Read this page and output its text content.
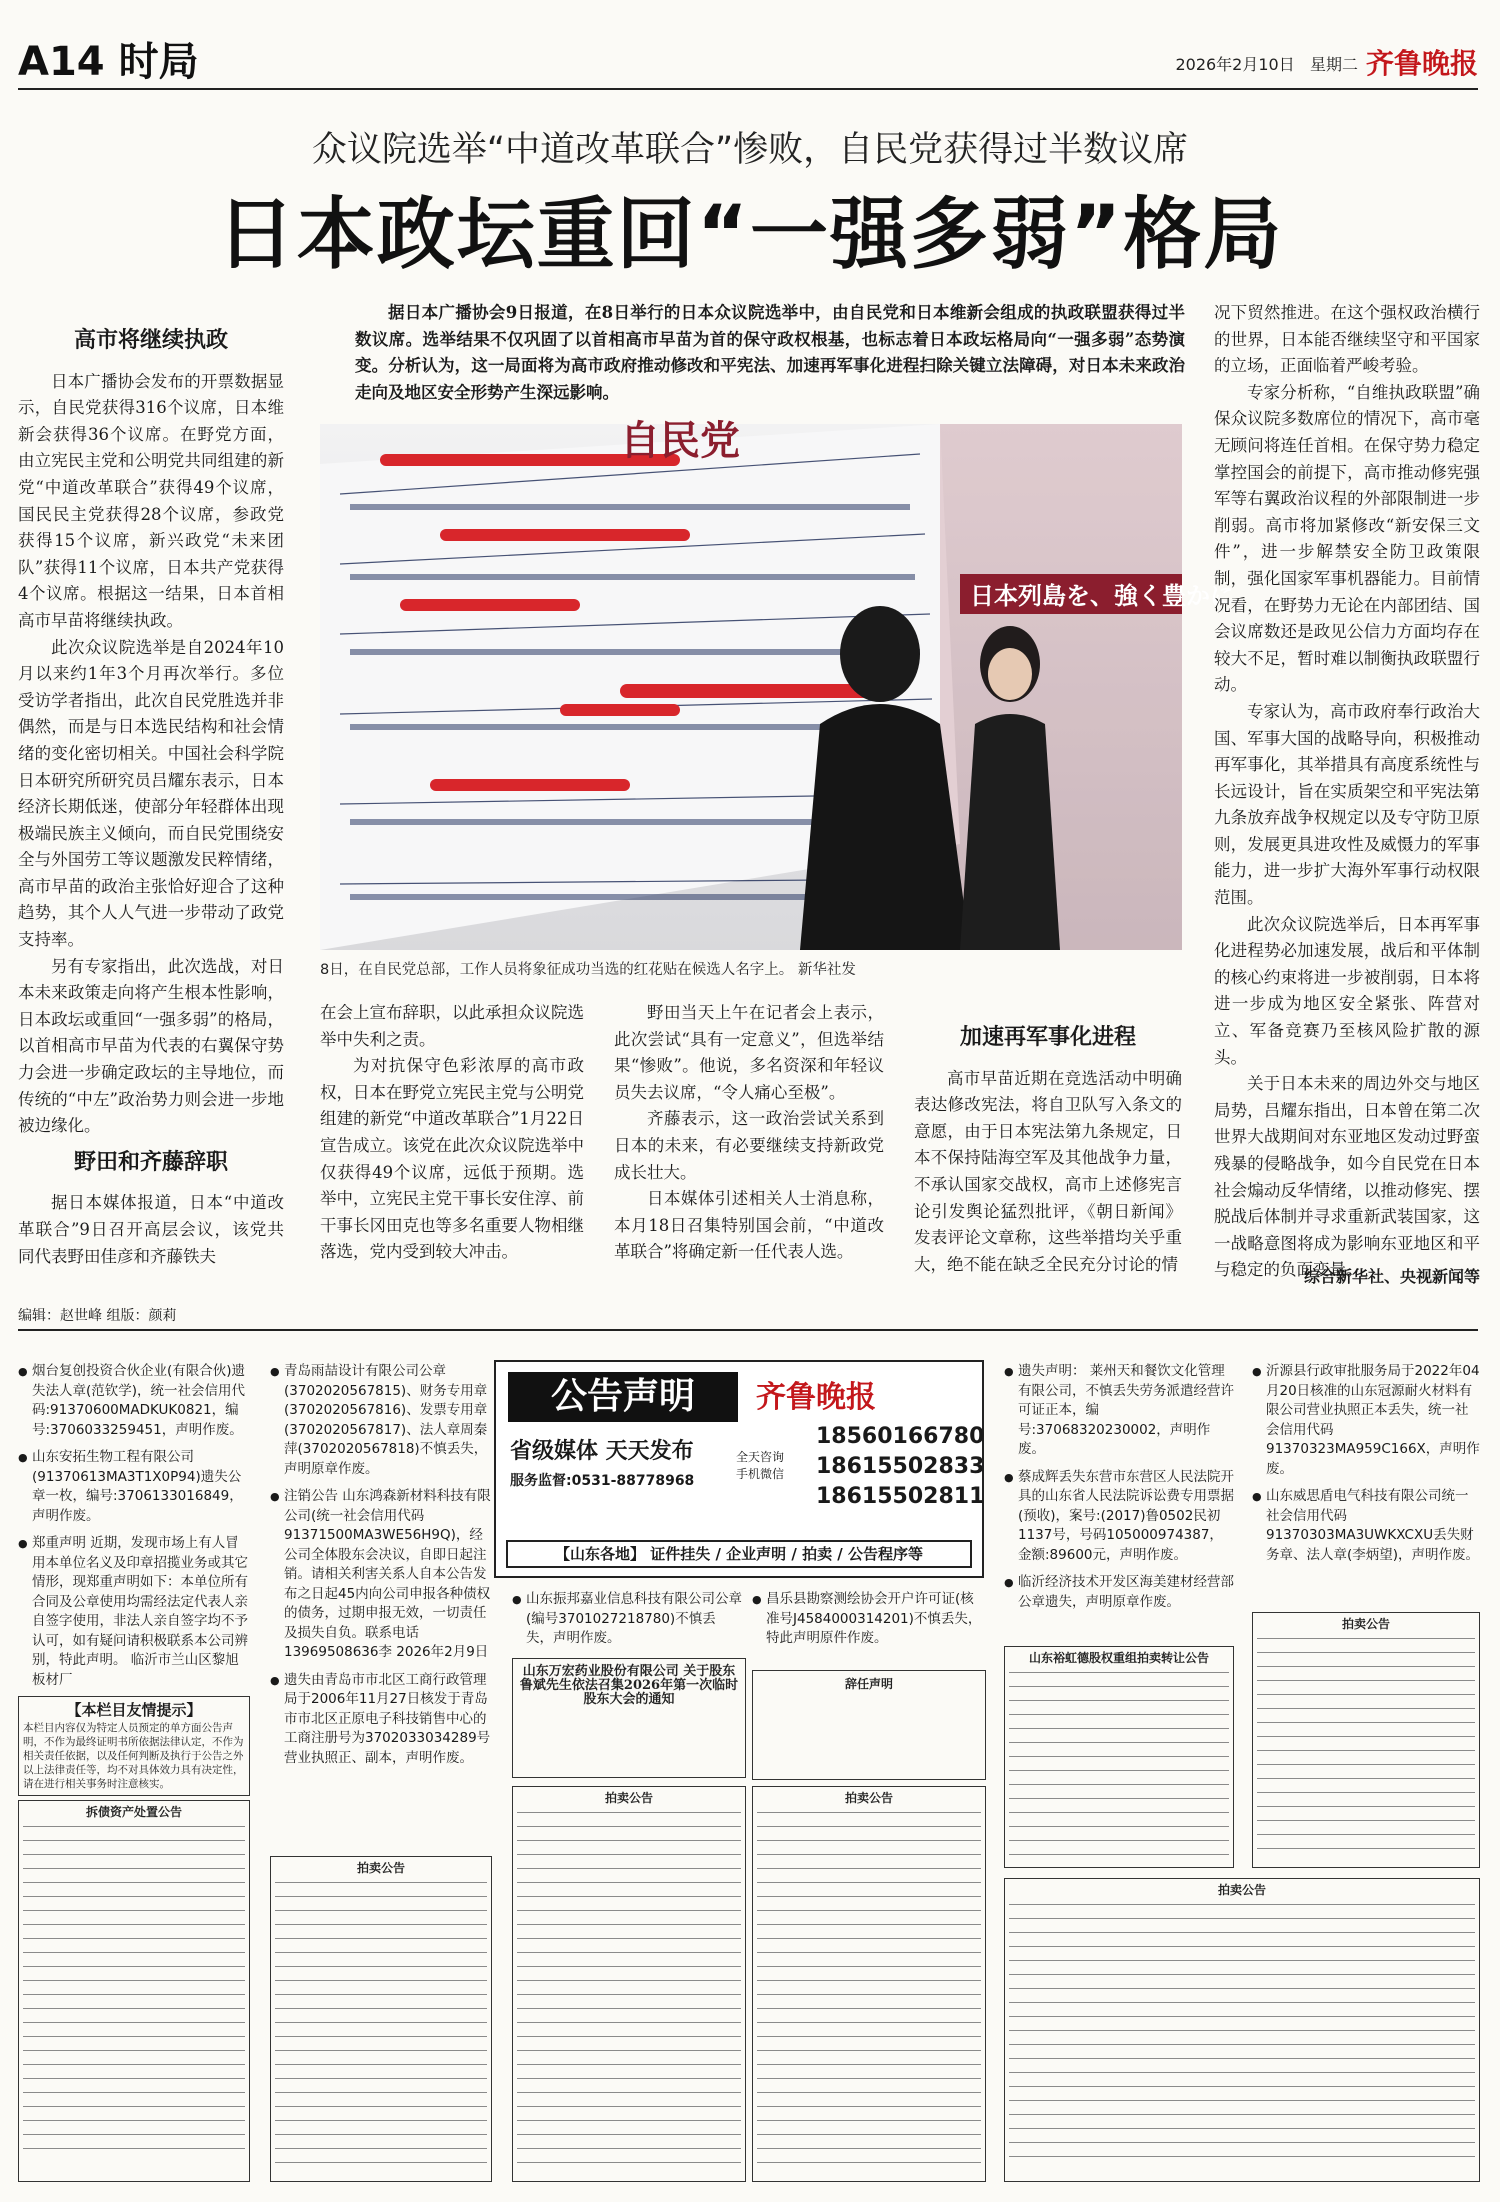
A14 时局	2026年2月10日 星期二 齐鲁晚报
众议院选举“中道改革联合”惨败，自民党获得过半数议席
日本政坛重回“一强多弱”格局
高市将继续执政

日本广播协会发布的开票数据显示，自民党获得316个议席，日本维新会获得36个议席。在野党方面，由立宪民主党和公明党共同组建的新党“中道改革联合”获得49个议席，国民民主党获得28个议席，参政党获得15个议席，新兴政党“未来团队”获得11个议席，日本共产党获得4个议席。根据这一结果，日本首相高市早苗将继续执政。

此次众议院选举是自2024年10月以来约1年3个月再次举行。多位受访学者指出，此次自民党胜选并非偶然，而是与日本选民结构和社会情绪的变化密切相关。中国社会科学院日本研究所研究员吕耀东表示，日本经济长期低迷，使部分年轻群体出现极端民族主义倾向，而自民党围绕安全与外国劳工等议题激发民粹情绪，高市早苗的政治主张恰好迎合了这种趋势，其个人人气进一步带动了政党支持率。

另有专家指出，此次选战，对日本未来政策走向将产生根本性影响，日本政坛或重回“一强多弱”的格局，以首相高市早苗为代表的右翼保守势力会进一步确定政坛的主导地位，而传统的“中左”政治势力则会进一步地被边缘化。

野田和齐藤辞职

据日本媒体报道，日本“中道改革联合”9日召开高层会议，该党共同代表野田佳彦和齐藤铁夫

据日本广播协会9日报道，在8日举行的日本众议院选举中，由自民党和日本维新会组成的执政联盟获得过半数议席。选举结果不仅巩固了以首相高市早苗为首的保守政权根基，也标志着日本政坛格局向“一强多弱”态势演变。分析认为，这一局面将为高市政府推动修改和平宪法、加速再军事化进程扫除关键立法障碍，对日本未来政治走向及地区安全形势产生深远影响。
自民党
日本列島を、強く豊かに。
8日，在自民党总部，工作人员将象征成功当选的红花贴在候选人名字上。 新华社发

在会上宣布辞职，以此承担众议院选举中失利之责。

为对抗保守色彩浓厚的高市政权，日本在野党立宪民主党与公明党组建的新党“中道改革联合”1月22日宣告成立。该党在此次众议院选举中仅获得49个议席，远低于预期。选举中，立宪民主党干事长安住淳、前干事长冈田克也等多名重要人物相继落选，党内受到较大冲击。

野田当天上午在记者会上表示，此次尝试“具有一定意义”，但选举结果“惨败”。他说，多名资深和年轻议员失去议席，“令人痛心至极”。

齐藤表示，这一政治尝试关系到日本的未来，有必要继续支持新政党成长壮大。

日本媒体引述相关人士消息称，本月18日召集特别国会前，“中道改革联合”将确定新一任代表人选。

加速再军事化进程

高市早苗近期在竞选活动中明确表达修改宪法，将自卫队写入条文的意愿，由于日本宪法第九条规定，日本不保持陆海空军及其他战争力量，不承认国家交战权，高市上述修宪言论引发舆论猛烈批评，《朝日新闻》发表评论文章称，这些举措均关乎重大，绝不能在缺乏全民充分讨论的情

况下贸然推进。在这个强权政治横行的世界，日本能否继续坚守和平国家的立场，正面临着严峻考验。

专家分析称，“自维执政联盟”确保众议院多数席位的情况下，高市毫无顾问将连任首相。在保守势力稳定掌控国会的前提下，高市推动修宪强军等右翼政治议程的外部限制进一步削弱。高市将加紧修改“新安保三文件”，进一步解禁安全防卫政策限制，强化国家军事机器能力。目前情况看，在野势力无论在内部团结、国会议席数还是政见公信力方面均存在较大不足，暂时难以制衡执政联盟行动。

专家认为，高市政府奉行政治大国、军事大国的战略导向，积极推动再军事化，其举措具有高度系统性与长远设计，旨在实质架空和平宪法第九条放弃战争权规定以及专守防卫原则，发展更具进攻性及威慑力的军事能力，进一步扩大海外军事行动权限范围。

此次众议院选举后，日本再军事化进程势必加速发展，战后和平体制的核心约束将进一步被削弱，日本将进一步成为地区安全紧张、阵营对立、军备竞赛乃至核风险扩散的源头。

关于日本未来的周边外交与地区局势，吕耀东指出，日本曾在第二次世界大战期间对东亚地区发动过野蛮残暴的侵略战争，如今自民党在日本社会煽动反华情绪，以推动修宪、摆脱战后体制并寻求重新武装国家，这一战略意图将成为影响东亚地区和平与稳定的负面变量。

综合新华社、央视新闻等
编辑：赵世峰 组版：颜莉
● 烟台复创投资合伙企业(有限合伙)遗失法人章(范钦学)，统一社会信用代码:91370600MADKUK0821，编号:3706033259451，声明作废。
● 山东安拓生物工程有限公司(91370613MA3T1X0P94)遗失公章一枚，编号:3706133016849，声明作废。
● 郑重声明 近期，发现市场上有人冒用本单位名义及印章招揽业务或其它情形，现郑重声明如下：本单位所有合同及公章使用均需经法定代表人亲自签字使用，非法人亲自签字均不予认可，如有疑问请积极联系本公司辨别，特此声明。 临沂市兰山区黎旭板材厂
【本栏目友情提示】
本栏目内容仅为特定人员预定的单方面公告声明，不作为最终证明书所依据法律认定，不作为相关责任依据，以及任何判断及执行于公告之外以上法律责任等，均不对具体效力具有决定性，请在进行相关事务时注意核实。
● 青岛雨喆设计有限公司公章(3702020567815)、财务专用章(3702020567816)、发票专用章(3702020567817)、法人章周秦萍(3702020567818)不慎丢失，声明原章作废。
● 注销公告 山东鸿森新材料科技有限公司(统一社会信用代码91371500MA3WE56H9Q)，经公司全体股东会决议，自即日起注销。请相关利害关系人自本公告发布之日起45内向公司申报各种债权的债务，过期申报无效，一切责任及损失自负。联系电话13969508636李 2026年2月9日
● 遗失由青岛市市北区工商行政管理局于2006年11月27日核发于青岛市市北区正原电子科技销售中心的工商注册号为3702033034289号营业执照正、副本，声明作废。
公告声明	齐鲁晚报
省级媒体 天天发布
服务监督:0531-88778968
全天咨询
手机微信
18560166780
18615502833
18615502811
【山东各地】 证件挂失 / 企业声明 / 拍卖 / 公告程序等
● 山东振邦嘉业信息科技有限公司公章(编号3701027218780)不慎丢失，声明作废。
● 昌乐县勘察测绘协会开户许可证(核准号J4584000314201)不慎丢失，特此声明原件作废。
山东万宏药业股份有限公司 关于股东鲁斌先生依法召集2026年第一次临时股东大会的通知
辞任声明
● 遗失声明： 莱州天和餐饮文化管理有限公司，不慎丢失劳务派遣经营许可证正本，编号:37068320230002，声明作废。
● 蔡成辉丢失东营市东营区人民法院开具的山东省人民法院诉讼费专用票据(预收)，案号:(2017)鲁0502民初1137号，号码105000974387，金额:89600元，声明作废。
● 临沂经济技术开发区海美建材经营部公章遗失，声明原章作废。
● 沂源县行政审批服务局于2022年04月20日核准的山东冠源耐火材料有限公司营业执照正本丢失，统一社会信用代码91370323MA959C166X，声明作废。
● 山东威思盾电气科技有限公司统一社会信用代码91370303MA3UWKXCXU丢失财务章、法人章(李炳望)，声明作废。
拆债资产处置公告
拍卖公告
拍卖公告	拍卖公告
山东裕虹德股权重组拍卖转让公告
拍卖公告
拍卖公告
